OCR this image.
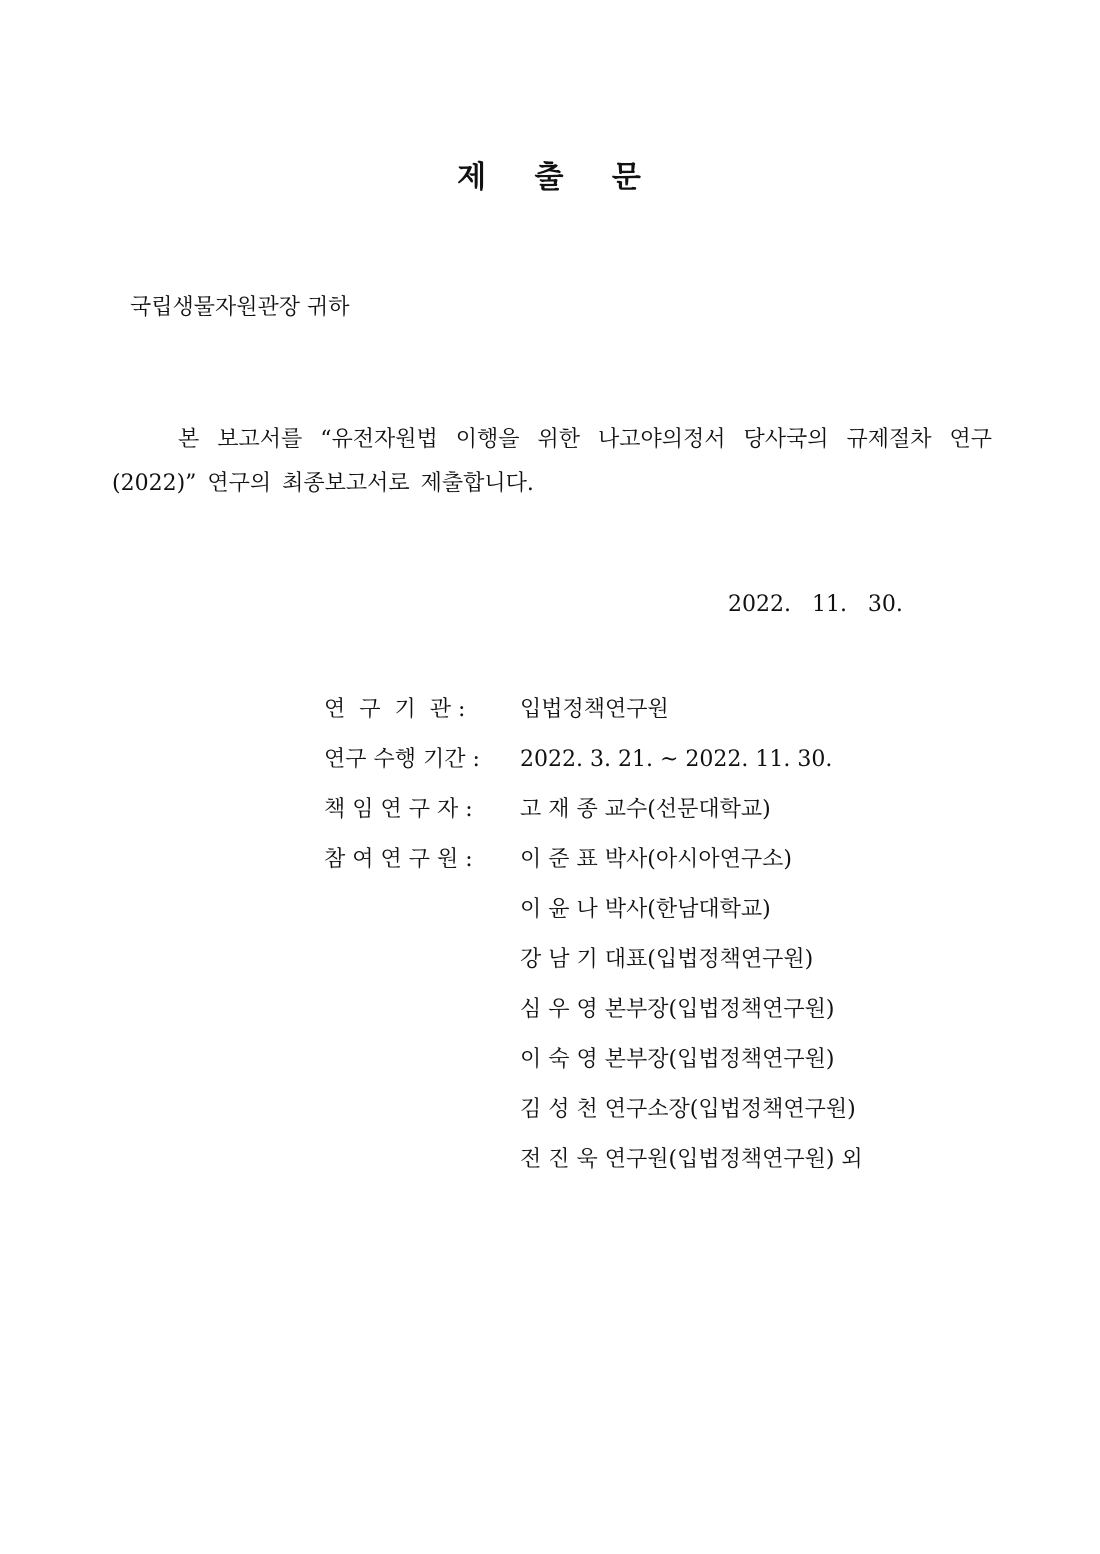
제 출 문
국립생물자원관장 귀하
본 보고서를 “유전자원법 이행을 위한 나고야의정서 당사국의 규제절차 연구(2022)” 연구의 최종보고서로 제출합니다.
2022.   11.   30.
연  구  기  관 :	입법정책연구원
연구 수행 기간 :	2022. 3. 21. ~ 2022. 11. 30.
책 임 연 구 자 :	고 재 종 교수(선문대학교)
참 여 연 구 원 :	이 준 표 박사(아시아연구소)
이 윤 나 박사(한남대학교)
강 남 기 대표(입법정책연구원)
심 우 영 본부장(입법정책연구원)
이 숙 영 본부장(입법정책연구원)
김 성 천 연구소장(입법정책연구원)
전 진 욱 연구원(입법정책연구원) 외
